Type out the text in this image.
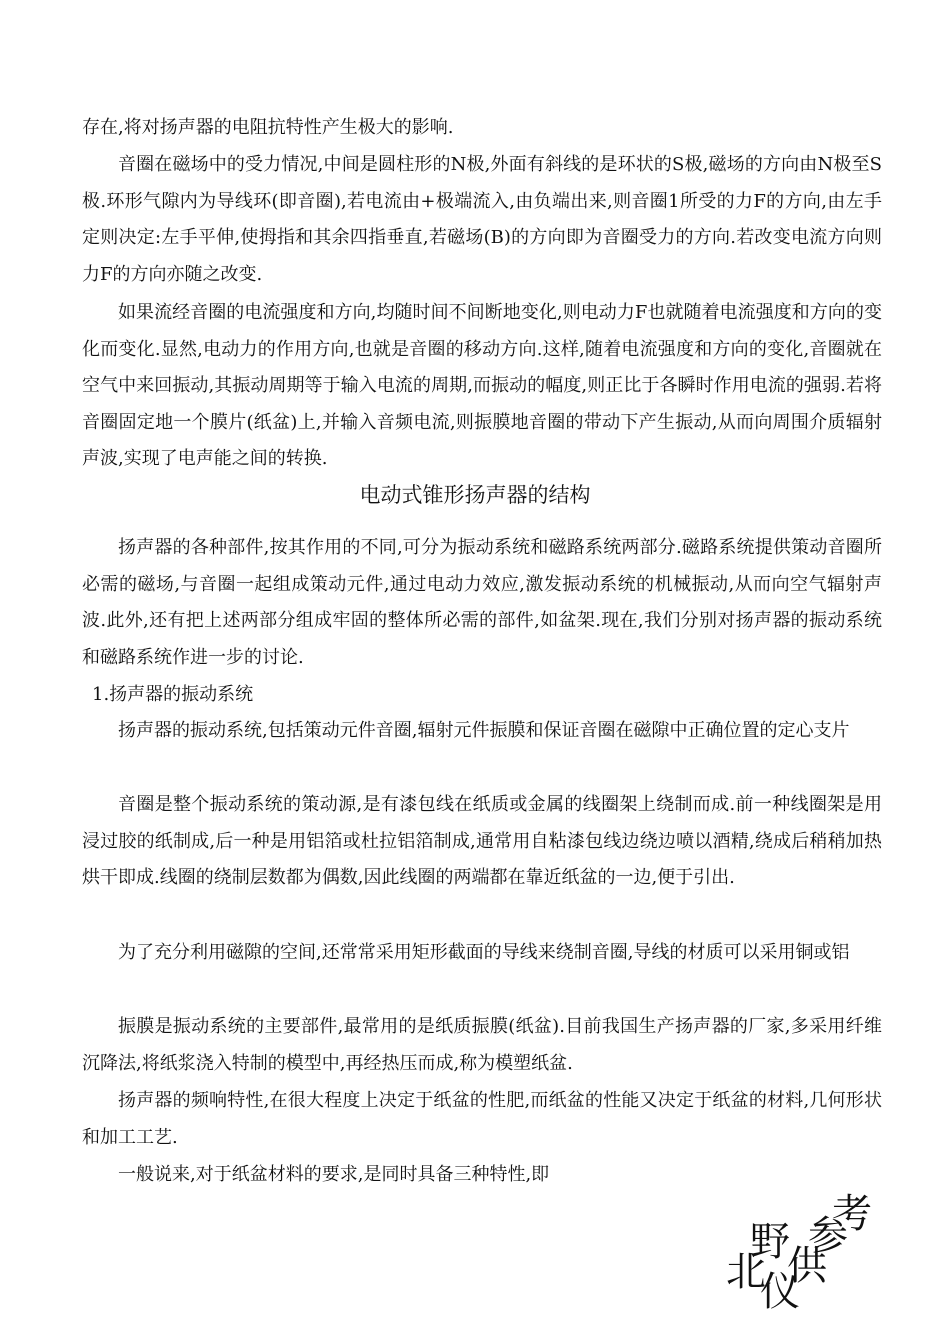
存在,将对扬声器的电阻抗特性产生极大的影响.

音圈在磁场中的受力情况,中间是圆柱形的N极,外面有斜线的是环状的S极,磁场的方向由N极至S极.环形气隙内为导线环(即音圈),若电流由+极端流入,由负端出来,则音圈1所受的力F的方向,由左手定则决定:左手平伸,使拇指和其余四指垂直,若磁场(B)的方向即为音圈受力的方向.若改变电流方向则力F的方向亦随之改变.

如果流经音圈的电流强度和方向,均随时间不间断地变化,则电动力F也就随着电流强度和方向的变化而变化.显然,电动力的作用方向,也就是音圈的移动方向.这样,随着电流强度和方向的变化,音圈就在空气中来回振动,其振动周期等于输入电流的周期,而振动的幅度,则正比于各瞬时作用电流的强弱.若将音圈固定地一个膜片(纸盆)上,并输入音频电流,则振膜地音圈的带动下产生振动,从而向周围介质辐射声波,实现了电声能之间的转换.

电动式锥形扬声器的结构

扬声器的各种部件,按其作用的不同,可分为振动系统和磁路系统两部分.磁路系统提供策动音圈所必需的磁场,与音圈一起组成策动元件,通过电动力效应,激发振动系统的机械振动,从而向空气辐射声波.此外,还有把上述两部分组成牢固的整体所必需的部件,如盆架.现在,我们分别对扬声器的振动系统和磁路系统作进一步的讨论.

1.扬声器的振动系统

扬声器的振动系统,包括策动元件音圈,辐射元件振膜和保证音圈在磁隙中正确位置的定心支片

音圈是整个振动系统的策动源,是有漆包线在纸质或金属的线圈架上绕制而成.前一种线圈架是用浸过胶的纸制成,后一种是用铝箔或杜拉铝箔制成,通常用自粘漆包线边绕边喷以酒精,绕成后稍稍加热烘干即成.线圈的绕制层数都为偶数,因此线圈的两端都在靠近纸盆的一边,便于引出.

为了充分利用磁隙的空间,还常常采用矩形截面的导线来绕制音圈,导线的材质可以采用铜或铝

振膜是振动系统的主要部件,最常用的是纸质振膜(纸盆).目前我国生产扬声器的厂家,多采用纤维沉降法,将纸浆浇入特制的模型中,再经热压而成,称为模塑纸盆.

扬声器的频响特性,在很大程度上决定于纸盆的性肥,而纸盆的性能又决定于纸盆的材料,几何形状和加工工艺.

一般说来,对于纸盆材料的要求,是同时具备三种特性,即

北
野
仪
供
参
考
